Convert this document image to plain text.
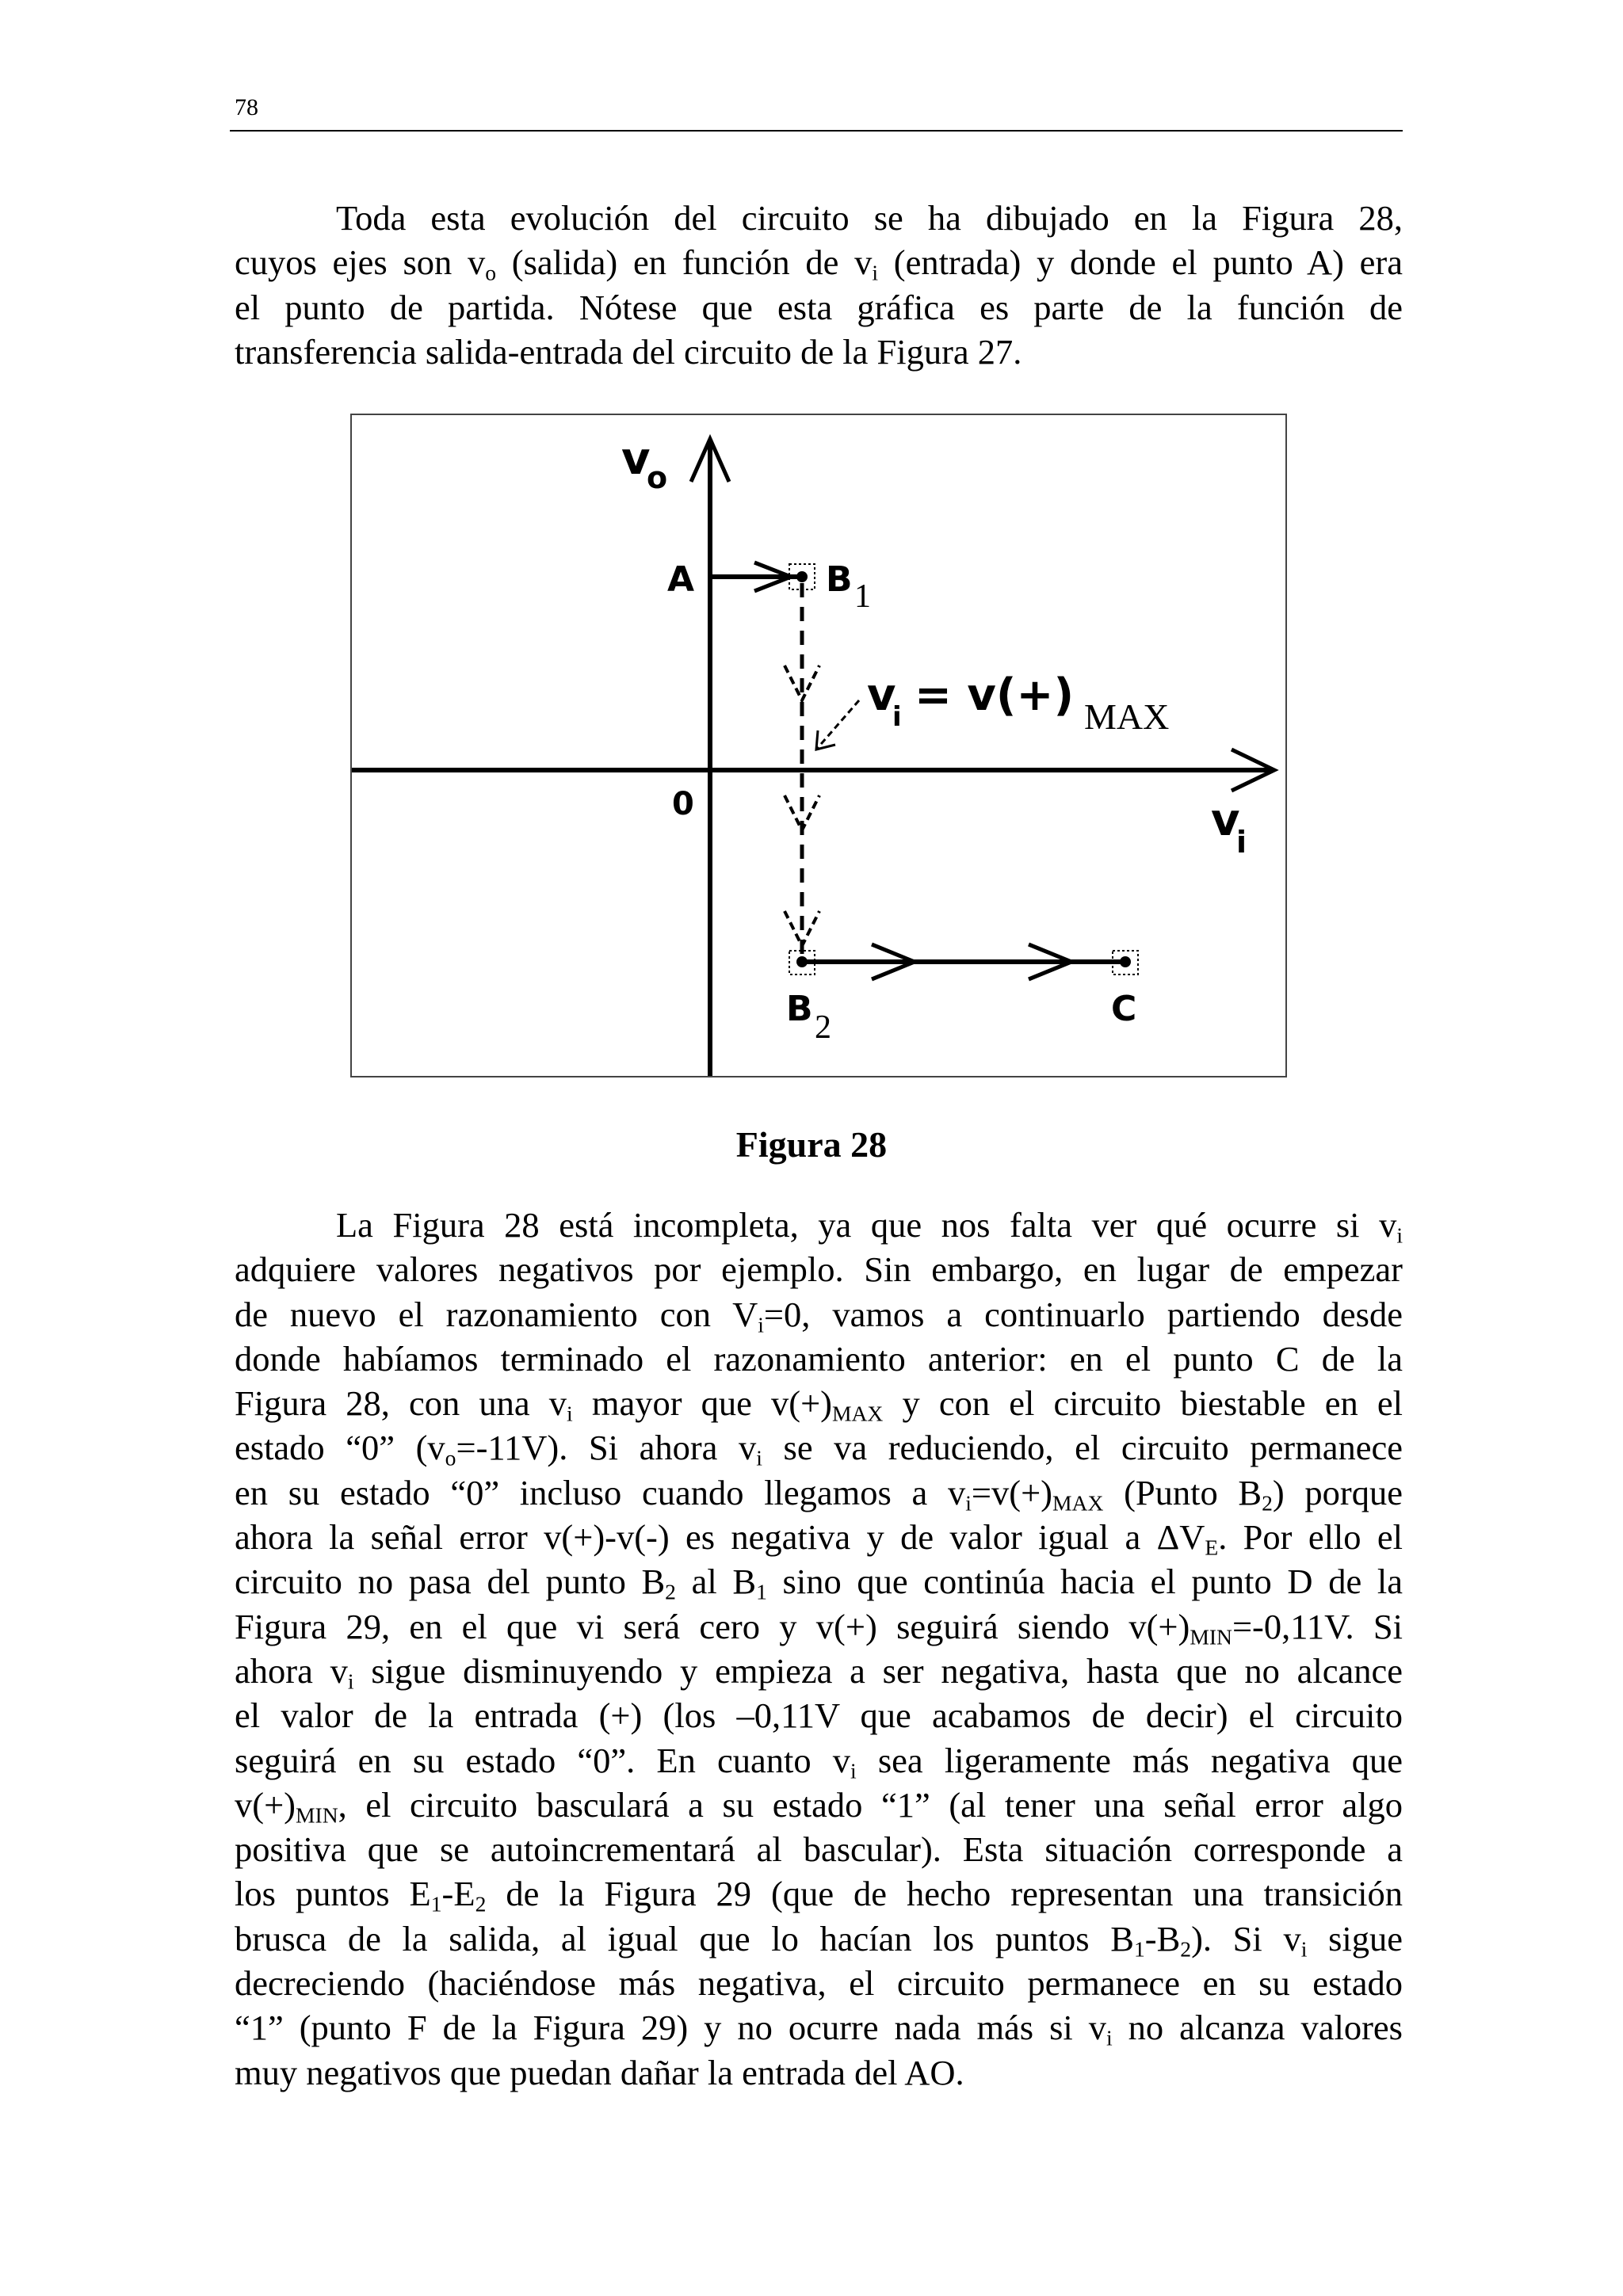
78
Toda esta evolución del circuito se ha dibujado en la Figura 28,
cuyos ejes son $v_o$ (salida) en función de $v_i$ (entrada) y donde el punto A) era
el punto de partida. Nótese que esta gráfica es parte de la función de
transferencia salida-entrada del circuito de la Figura 27.
v
o
v
i
0
A	B 1
v
i = v(+) MAX
B 2	C
Figura 28
La Figura 28 está incompleta, ya que nos falta ver qué ocurre si $v_i$
adquiere valores negativos por ejemplo. Sin embargo, en lugar de empezar
de nuevo el razonamiento con $V_i=0$, vamos a continuarlo partiendo desde
donde habíamos terminado el razonamiento anterior: en el punto C de la
Figura 28, con una $v_i$ mayor que $v(+)_{MAX}$ y con el circuito biestable en el
estado “0” $(v_o=-11V)$. Si ahora $v_i$ se va reduciendo, el circuito permanece
en su estado “0” incluso cuando llegamos a $v_i=v(+)_{MAX}$ (Punto $B_2$) porque
ahora la señal error v(+)-v(-) es negativa y de valor igual a $\Delta V_E$. Por ello el
circuito no pasa del punto $B_2$ al $B_1$ sino que continúa hacia el punto D de la
Figura 29, en el que vi será cero y v(+) seguirá siendo $v(+)_{MIN}=-0,11V$. Si
ahora $v_i$ sigue disminuyendo y empieza a ser negativa, hasta que no alcance
el valor de la entrada (+) (los –0,11V que acabamos de decir) el circuito
seguirá en su estado “0”. En cuanto $v_i$ sea ligeramente más negativa que
$v(+)_{MIN}$, el circuito basculará a su estado “1” (al tener una señal error algo
positiva que se autoincrementará al bascular). Esta situación corresponde a
los puntos $E_1-E_2$ de la Figura 29 (que de hecho representan una transición
brusca de la salida, al igual que lo hacían los puntos $B_1-B_2$). Si $v_i$ sigue
decreciendo (haciéndose más negativa, el circuito permanece en su estado
“1” (punto F de la Figura 29) y no ocurre nada más si $v_i$ no alcanza valores
muy negativos que puedan dañar la entrada del AO.
